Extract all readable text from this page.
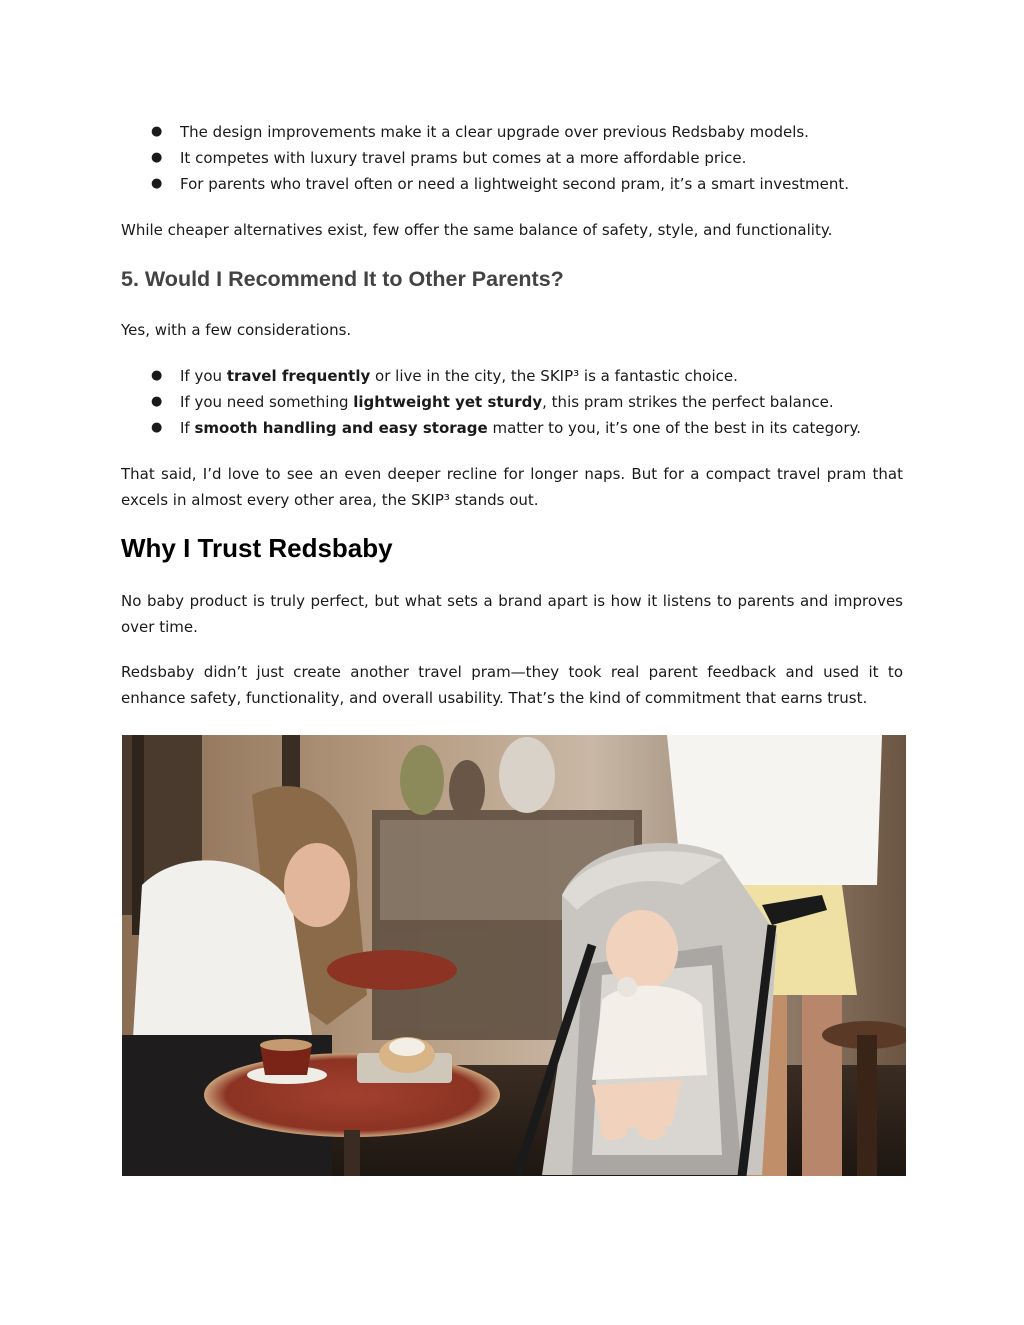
● The design improvements make it a clear upgrade over previous Redsbaby models.
● It competes with luxury travel prams but comes at a more affordable price.
● For parents who travel often or need a lightweight second pram, it’s a smart investment.

While cheaper alternatives exist, few offer the same balance of safety, style, and functionality.

5. Would I Recommend It to Other Parents?

Yes, with a few considerations.

● If you travel frequently or live in the city, the SKIP³ is a fantastic choice.
● If you need something lightweight yet sturdy, this pram strikes the perfect balance.
● If smooth handling and easy storage matter to you, it’s one of the best in its category.

That said, I’d love to see an even deeper recline for longer naps. But for a compact travel pram that excels in almost every other area, the SKIP³ stands out.

Why I Trust Redsbaby

No baby product is truly perfect, but what sets a brand apart is how it listens to parents and improves over time.

Redsbaby didn’t just create another travel pram—they took real parent feedback and used it to enhance safety, functionality, and overall usability. That’s the kind of commitment that earns trust.
